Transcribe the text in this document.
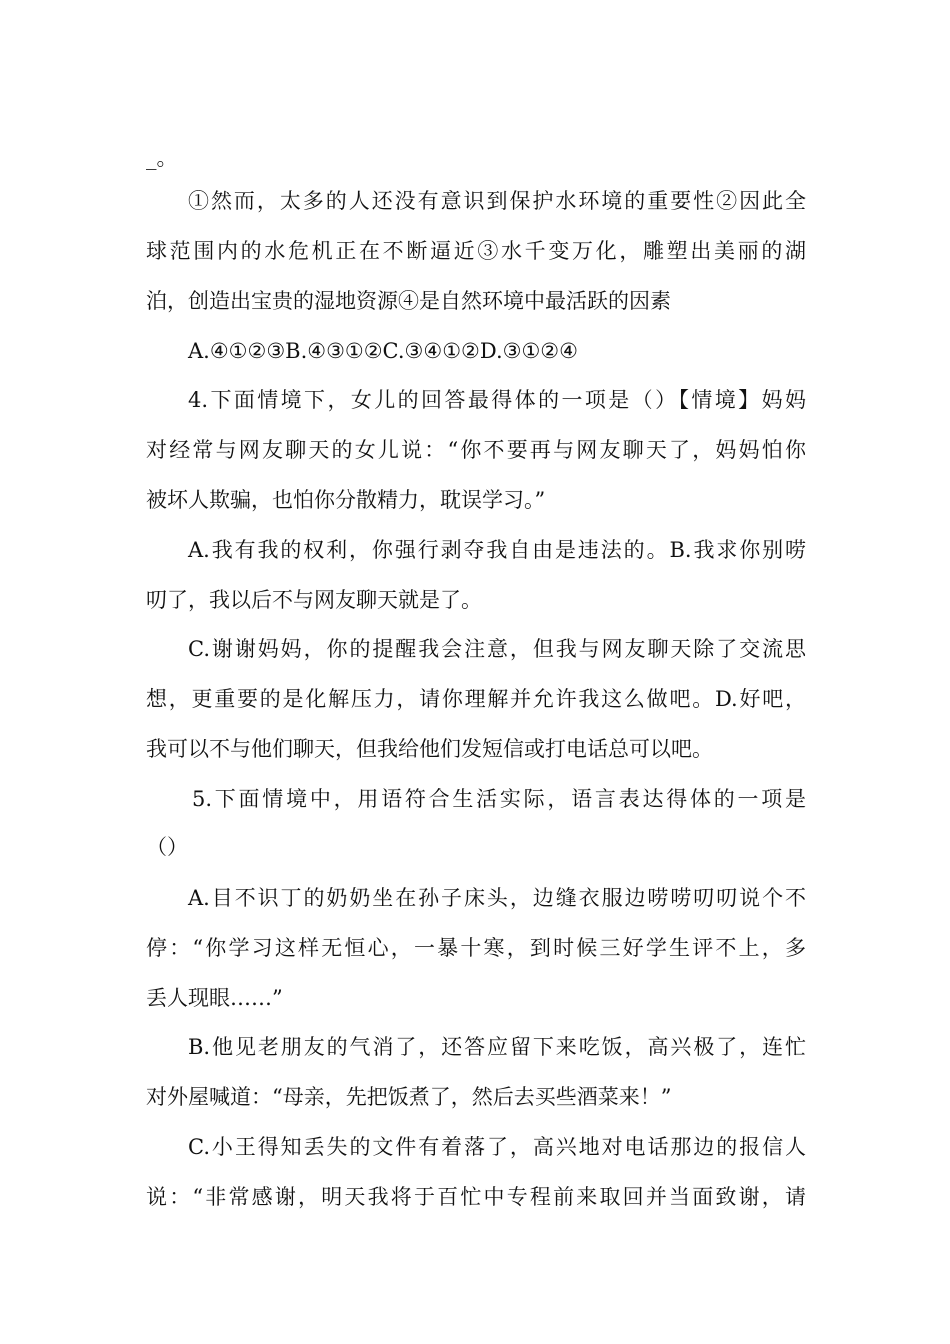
_。
①然而，太多的人还没有意识到保护水环境的重要性②因此全
球范围内的水危机正在不断逼近③水千变万化，雕塑出美丽的湖
泊，创造出宝贵的湿地资源④是自然环境中最活跃的因素
A.④①②③B.④③①②C.③④①②D.③①②④
4.下面情境下，女儿的回答最得体的一项是（）【情境】妈妈
对经常与网友聊天的女儿说：“你不要再与网友聊天了，妈妈怕你
被坏人欺骗，也怕你分散精力，耽误学习。”
A.我有我的权利，你强行剥夺我自由是违法的。B.我求你别唠
叨了，我以后不与网友聊天就是了。
C.谢谢妈妈，你的提醒我会注意，但我与网友聊天除了交流思
想，更重要的是化解压力，请你理解并允许我这么做吧。D.好吧，
我可以不与他们聊天，但我给他们发短信或打电话总可以吧。
5.下面情境中，用语符合生活实际，语言表达得体的一项是
（）
A.目不识丁的奶奶坐在孙子床头，边缝衣服边唠唠叨叨说个不
停：“你学习这样无恒心，一暴十寒，到时候三好学生评不上，多
丢人现眼……”
B.他见老朋友的气消了，还答应留下来吃饭，高兴极了，连忙
对外屋喊道：“母亲，先把饭煮了，然后去买些酒菜来！”
C.小王得知丢失的文件有着落了，高兴地对电话那边的报信人
说：“非常感谢，明天我将于百忙中专程前来取回并当面致谢，请
